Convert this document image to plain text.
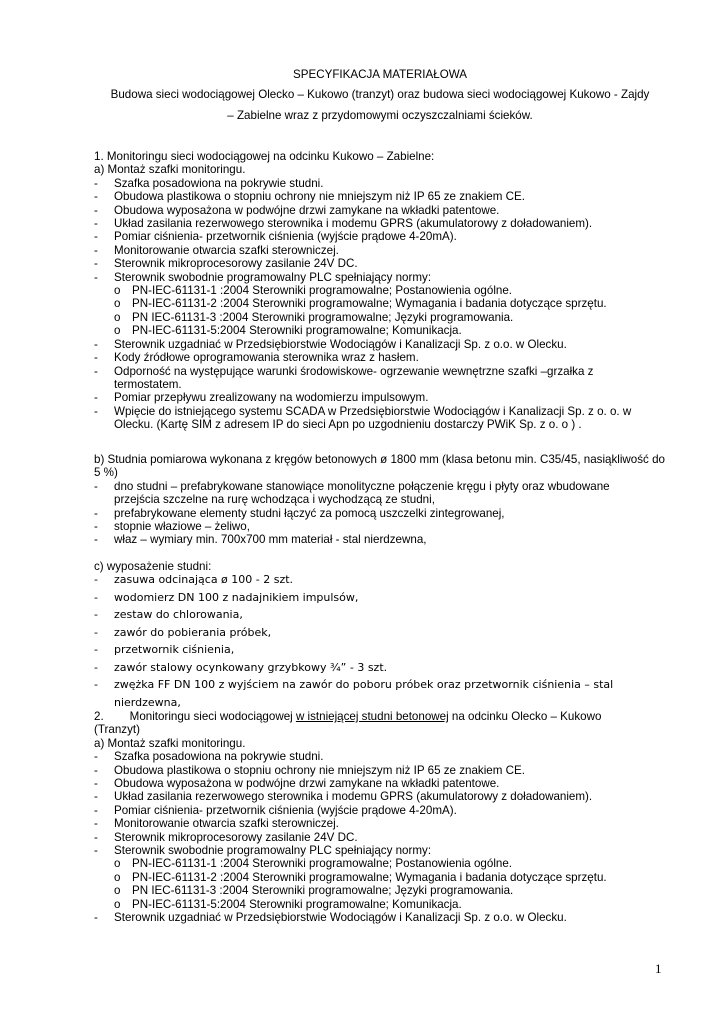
SPECYFIKACJA MATERIAŁOWA
Budowa sieci wodociągowej Olecko – Kukowo (tranzyt) oraz budowa sieci wodociągowej Kukowo - Zajdy
– Zabielne wraz z przydomowymi oczyszczalniami ścieków.
1. Monitoringu sieci wodociągowej na odcinku Kukowo – Zabielne:
a) Montaż szafki monitoringu.
-	Szafka posadowiona na pokrywie studni.
-	Obudowa plastikowa o stopniu ochrony nie mniejszym niż IP 65 ze znakiem CE.
-	Obudowa wyposażona w podwójne drzwi zamykane na wkładki patentowe.
-	Układ zasilania rezerwowego sterownika i modemu GPRS (akumulatorowy z doładowaniem).
-	Pomiar ciśnienia- przetwornik ciśnienia (wyjście prądowe 4-20mA).
-	Monitorowanie otwarcia szafki sterowniczej.
-	Sterownik mikroprocesorowy zasilanie 24V DC.
-	Sterownik swobodnie programowalny PLC spełniający normy:
o PN-IEC-61131-1 :2004 Sterowniki programowalne; Postanowienia ogólne.
o PN-IEC-61131-2 :2004 Sterowniki programowalne; Wymagania i badania dotyczące sprzętu.
o PN IEC-61131-3 :2004 Sterowniki programowalne; Języki programowania.
o PN-IEC-61131-5:2004 Sterowniki programowalne; Komunikacja.
-	Sterownik uzgadniać w Przedsiębiorstwie Wodociągów i Kanalizacji Sp. z o.o. w Olecku.
-	Kody źródłowe oprogramowania sterownika wraz z hasłem.
-	Odporność na występujące warunki środowiskowe- ogrzewanie wewnętrzne szafki –grzałka z termostatem.
-	Pomiar przepływu zrealizowany na wodomierzu impulsowym.
-	Wpięcie do istniejącego systemu SCADA w Przedsiębiorstwie Wodociągów i Kanalizacji Sp. z o. o. w Olecku. (Kartę SIM z adresem IP do sieci Apn po uzgodnieniu dostarczy PWiK Sp. z o. o ) .
b) Studnia pomiarowa wykonana z kręgów betonowych ø 1800 mm (klasa betonu min. C35/45, nasiąkliwość do 5 %)
-	dno studni – prefabrykowane stanowiące monolityczne połączenie kręgu i płyty oraz wbudowane przejścia szczelne na rurę wchodząca i wychodzącą ze studni,
-	prefabrykowane elementy studni łączyć za pomocą uszczelki zintegrowanej,
-	stopnie właziowe – żeliwo,
-	właz – wymiary min. 700x700 mm materiał - stal nierdzewna,
c) wyposażenie studni:
-	zasuwa odcinająca ø 100 - 2 szt.
-	wodomierz DN 100 z nadajnikiem impulsów,
-	zestaw do chlorowania,
-	zawór do pobierania próbek,
-	przetwornik ciśnienia,
-	zawór stalowy ocynkowany grzybkowy ¾” - 3 szt.
-	zwężka FF DN 100 z wyjściem na zawór do poboru próbek oraz przetwornik ciśnienia – stal nierdzewna,
2. Monitoringu sieci wodociągowej w istniejącej studni betonowej na odcinku Olecko – Kukowo
(Tranzyt)
a) Montaż szafki monitoringu.
-	Szafka posadowiona na pokrywie studni.
-	Obudowa plastikowa o stopniu ochrony nie mniejszym niż IP 65 ze znakiem CE.
-	Obudowa wyposażona w podwójne drzwi zamykane na wkładki patentowe.
-	Układ zasilania rezerwowego sterownika i modemu GPRS (akumulatorowy z doładowaniem).
-	Pomiar ciśnienia- przetwornik ciśnienia (wyjście prądowe 4-20mA).
-	Monitorowanie otwarcia szafki sterowniczej.
-	Sterownik mikroprocesorowy zasilanie 24V DC.
-	Sterownik swobodnie programowalny PLC spełniający normy:
o PN-IEC-61131-1 :2004 Sterowniki programowalne; Postanowienia ogólne.
o PN-IEC-61131-2 :2004 Sterowniki programowalne; Wymagania i badania dotyczące sprzętu.
o PN IEC-61131-3 :2004 Sterowniki programowalne; Języki programowania.
o PN-IEC-61131-5:2004 Sterowniki programowalne; Komunikacja.
-	Sterownik uzgadniać w Przedsiębiorstwie Wodociągów i Kanalizacji Sp. z o.o. w Olecku.
1
